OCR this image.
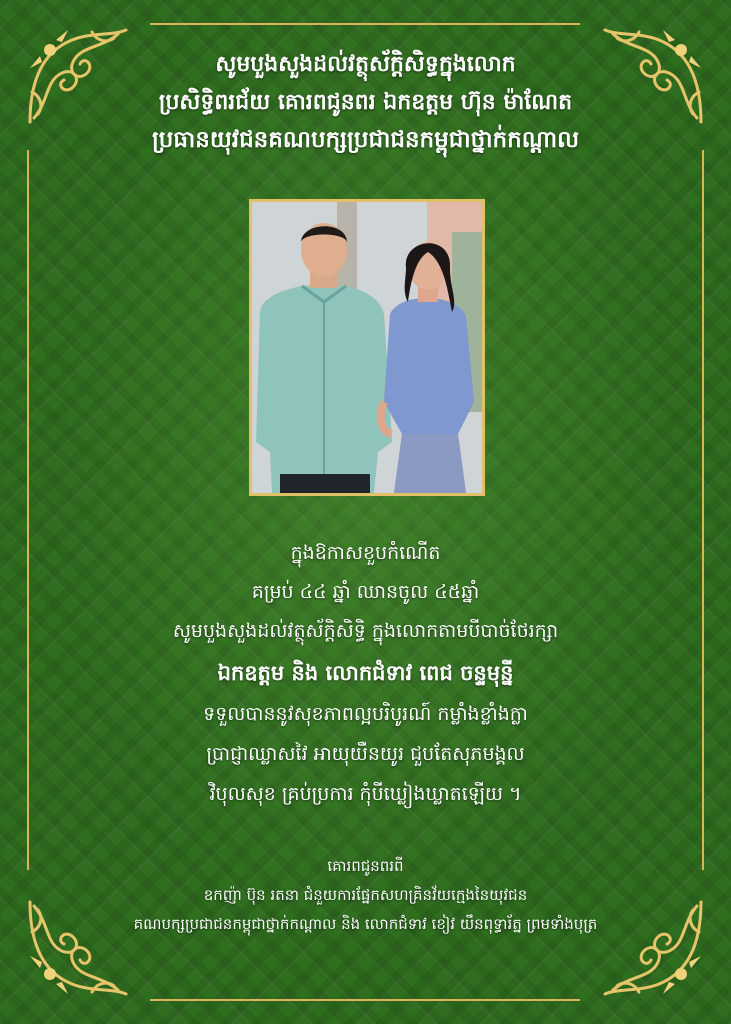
សូមបួងសួងដល់វត្ថុស័ក្តិសិទ្ធក្នុងលោក
ប្រសិទ្ធិពរជ័យ គោរពជូនពរ ឯកឧត្តម ហ៊ុន ម៉ាណែត
ប្រធានយុវជនគណបក្សប្រជាជនកម្ពុជាថ្នាក់កណ្តាល
ក្នុងឱកាសខួបកំណើត
គម្រប់ ៤៤ ឆ្នាំ ឈានចូល ៤៥ឆ្នាំ
សូមបួងសួងដល់វត្ថុស័ក្តិសិទ្ធិ ក្នុងលោកតាមបីបាច់ថែរក្សា
ឯកឧត្តម និង លោកជំទាវ ពេជ ចន្ទមុន្នី
ទទួលបាននូវសុខភាពល្អបរិបូរណ៍ កម្លាំងខ្លាំងក្លា
ប្រាជ្ញាឈ្លាសវៃ អាយុយឺនយូរ ជួបតែសុភមង្គល
វិបុលសុខ គ្រប់ប្រការ កុំបីឃ្លៀងឃ្លាតឡើយ ។
គោរពជូនពរពី
ឧកញ៉ា ប៊ុន រតនា ជំនួយការផ្នែកសហគ្រិនវ័យក្មេងនៃយុវជន
គណបក្សប្រជាជនកម្ពុជាថ្នាក់កណ្តាល និង លោកជំទាវ ខៀវ យឹនពុទ្ធារ័ត្ន ព្រមទាំងបុត្រ
